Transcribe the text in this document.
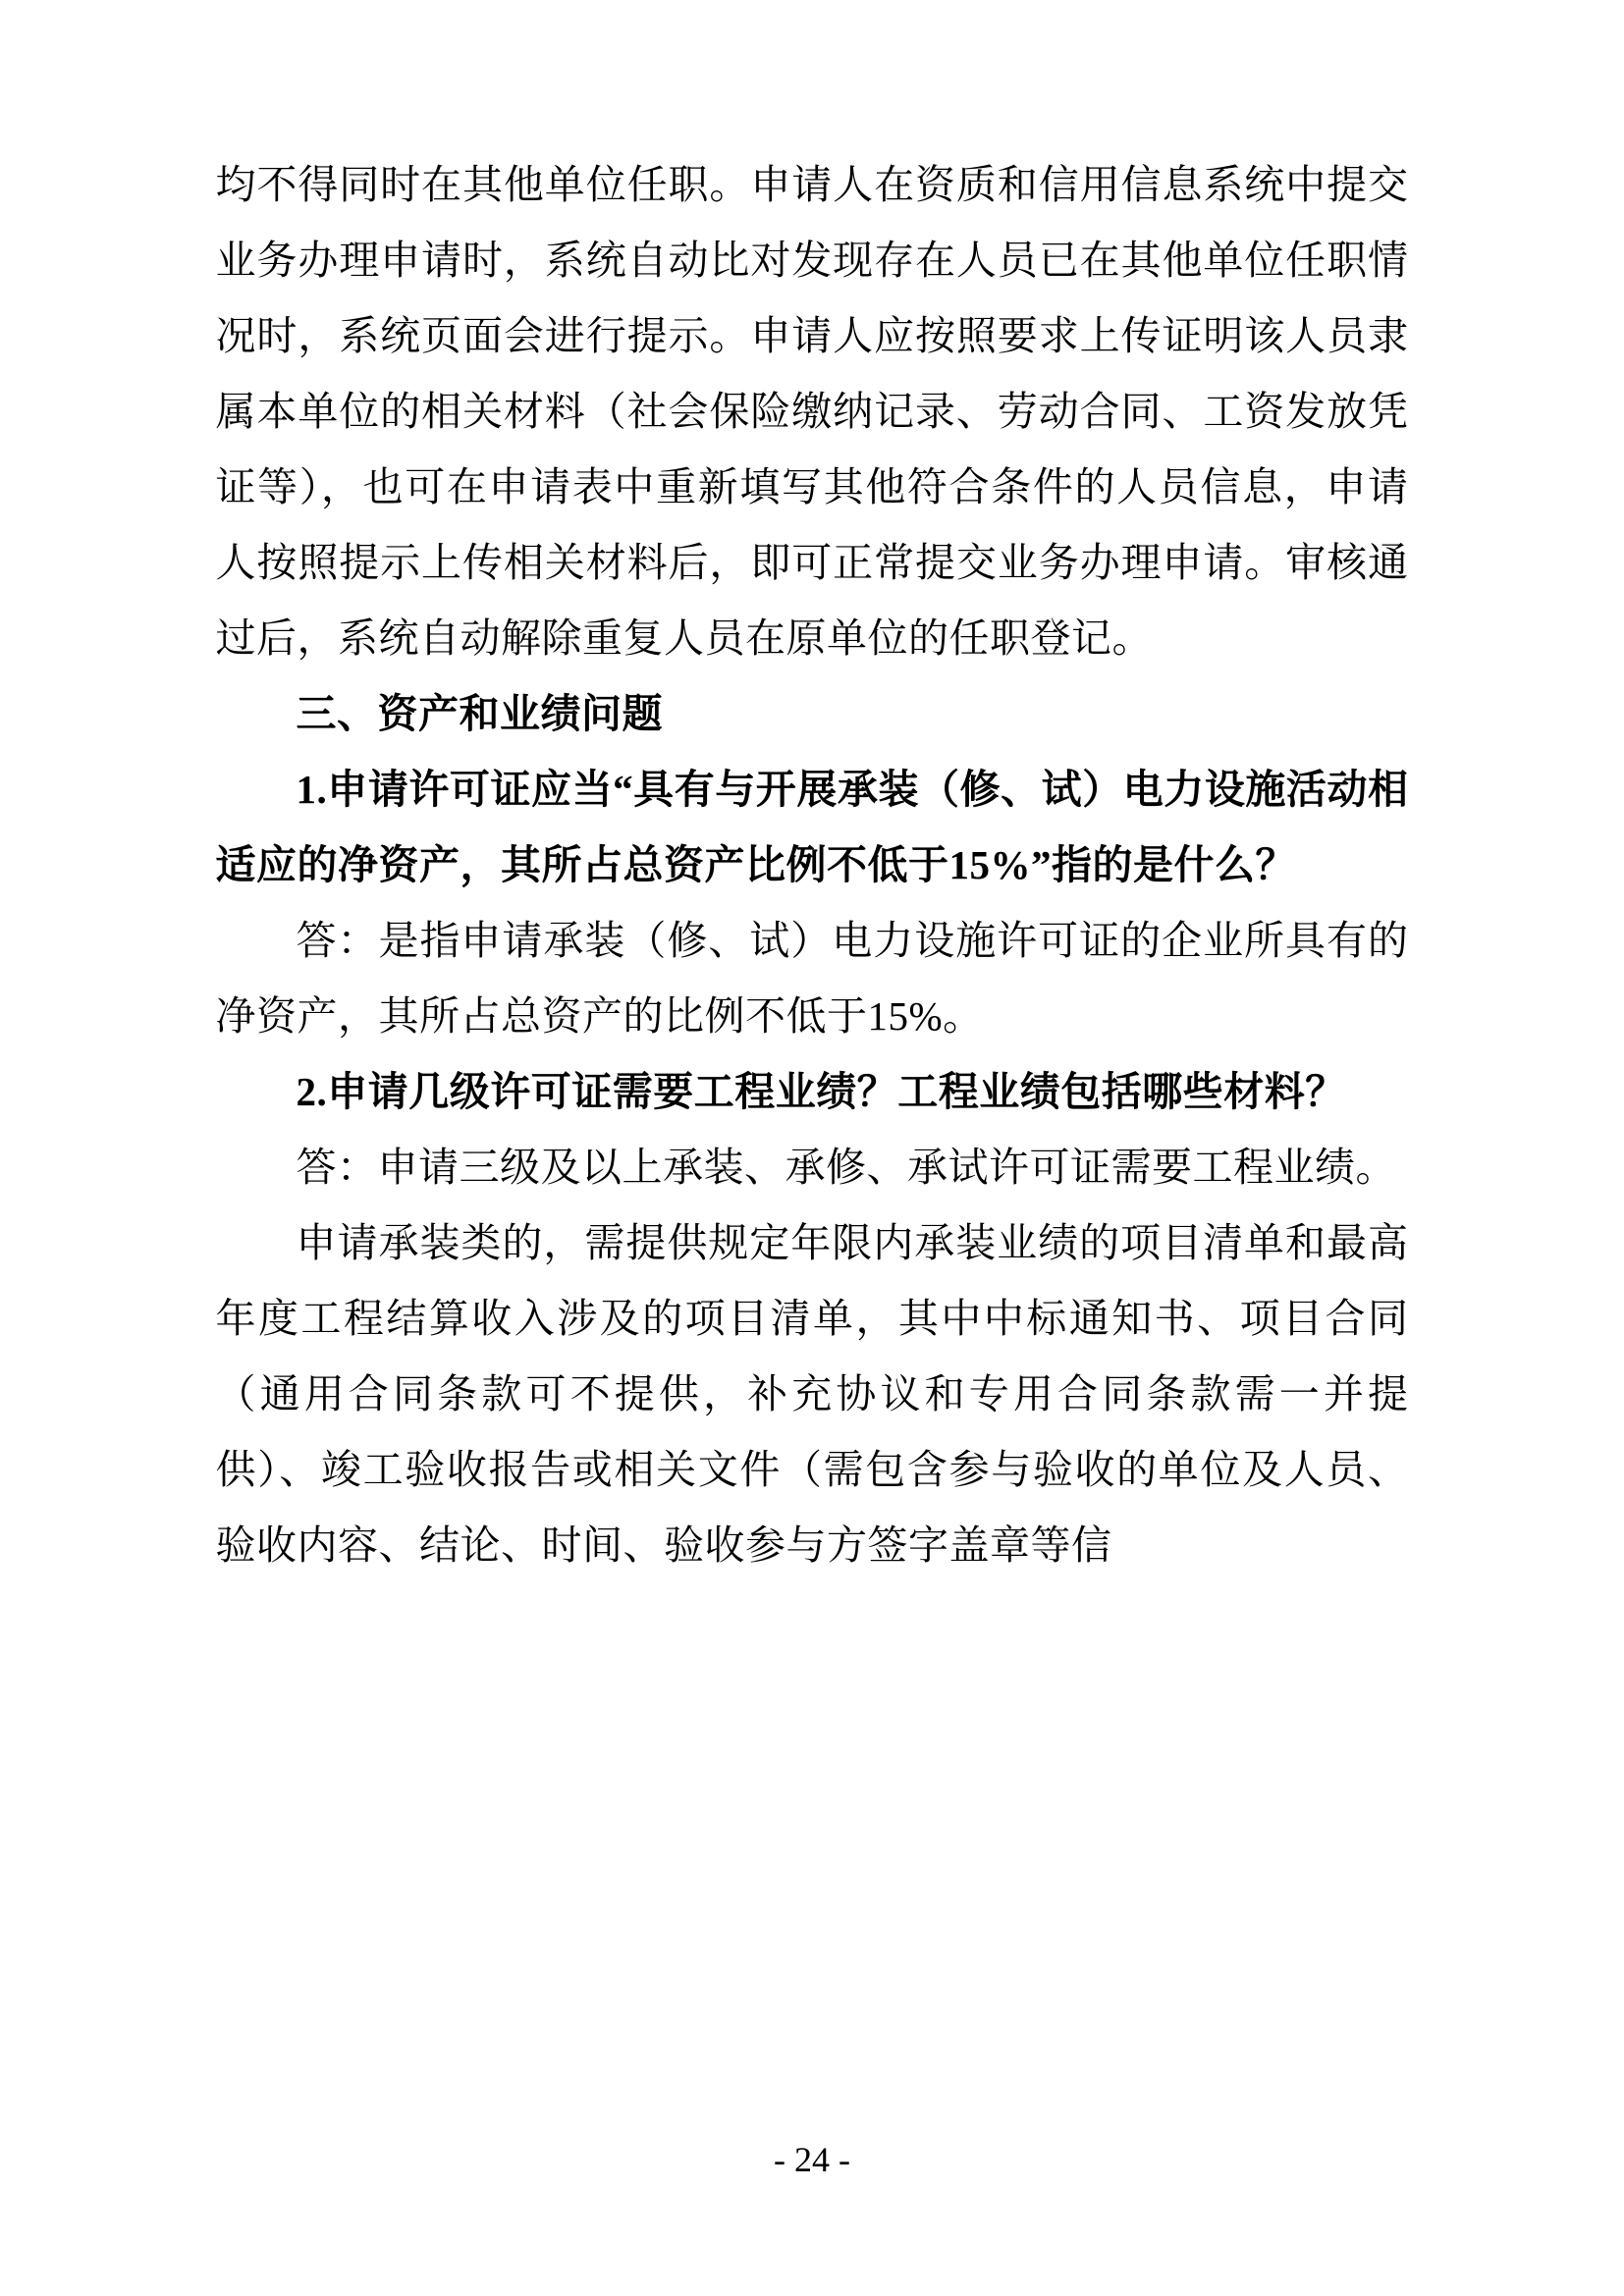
均不得同时在其他单位任职。申请人在资质和信用信息系统中提交业务办理申请时，系统自动比对发现存在人员已在其他单位任职情况时，系统页面会进行提示。申请人应按照要求上传证明该人员隶属本单位的相关材料（社会保险缴纳记录、劳动合同、工资发放凭证等），也可在申请表中重新填写其他符合条件的人员信息，申请人按照提示上传相关材料后，即可正常提交业务办理申请。审核通过后，系统自动解除重复人员在原单位的任职登记。

三、资产和业绩问题

1.申请许可证应当“具有与开展承装（修、试）电力设施活动相适应的净资产，其所占总资产比例不低于15%”指的是什么？

答：是指申请承装（修、试）电力设施许可证的企业所具有的净资产，其所占总资产的比例不低于15%。

2.申请几级许可证需要工程业绩？工程业绩包括哪些材料？

答：申请三级及以上承装、承修、承试许可证需要工程业绩。

申请承装类的，需提供规定年限内承装业绩的项目清单和最高年度工程结算收入涉及的项目清单，其中中标通知书、项目合同（通用合同条款可不提供，补充协议和专用合同条款需一并提供）、竣工验收报告或相关文件（需包含参与验收的单位及人员、验收内容、结论、时间、验收参与方签字盖章等信

- 24 -
